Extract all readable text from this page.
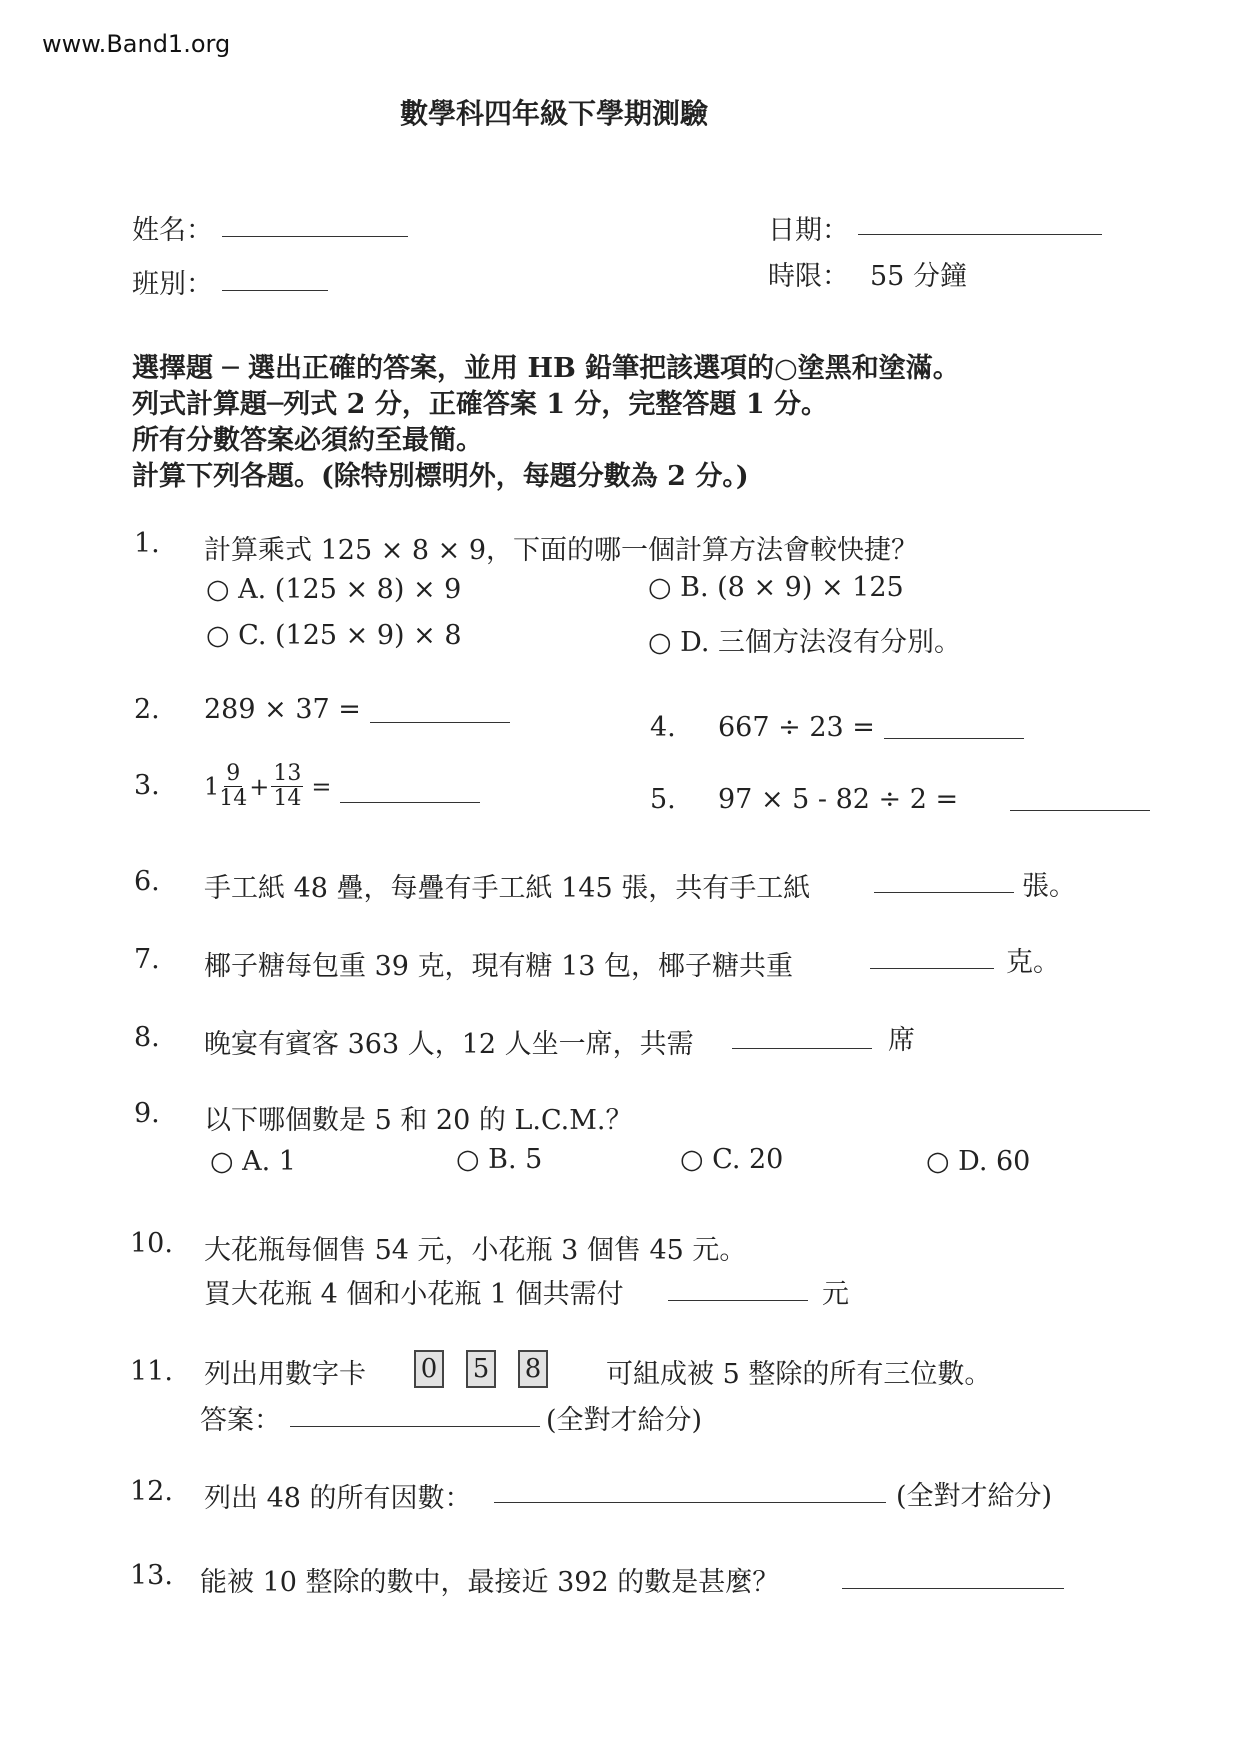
www.Band1.org
數學科四年級下學期測驗
姓名：
班別：
日期：
時限： 55 分鐘
選擇題 ─ 選出正確的答案，並用 HB 鉛筆把該選項的○塗黑和塗滿。
列式計算題─列式 2 分，正確答案 1 分，完整答題 1 分。
所有分數答案必須約至最簡。
計算下列各題。(除特別標明外，每題分數為 2 分。)
1. 計算乘式 125 × 8 × 9，下面的哪一個計算方法會較快捷？
○ A. (125 × 8) × 9	○ B. (8 × 9) × 125
○ C. (125 × 9) × 8	○ D. 三個方法沒有分別。
2. 289 × 37 =
4. 667 ÷ 23 =
3. $1 \frac{9}{14} + \frac{13}{14}$ =	5. 97 × 5 - 82 ÷ 2 =
6. 手工紙 48 疊，每疊有手工紙 145 張，共有手工紙	張。
7. 椰子糖每包重 39 克，現有糖 13 包，椰子糖共重	克。
8. 晚宴有賓客 363 人，12 人坐一席，共需	席
9. 以下哪個數是 5 和 20 的 L.C.M.？
○ A. 1	○ B. 5	○ C. 20	○ D. 60
10. 大花瓶每個售 54 元，小花瓶 3 個售 45 元。
買大花瓶 4 個和小花瓶 1 個共需付	元
11. 列出用數字卡 0 5 8	可組成被 5 整除的所有三位數。
答案：	(全對才給分)
12. 列出 48 的所有因數：	(全對才給分)
13. 能被 10 整除的數中，最接近 392 的數是甚麼？
